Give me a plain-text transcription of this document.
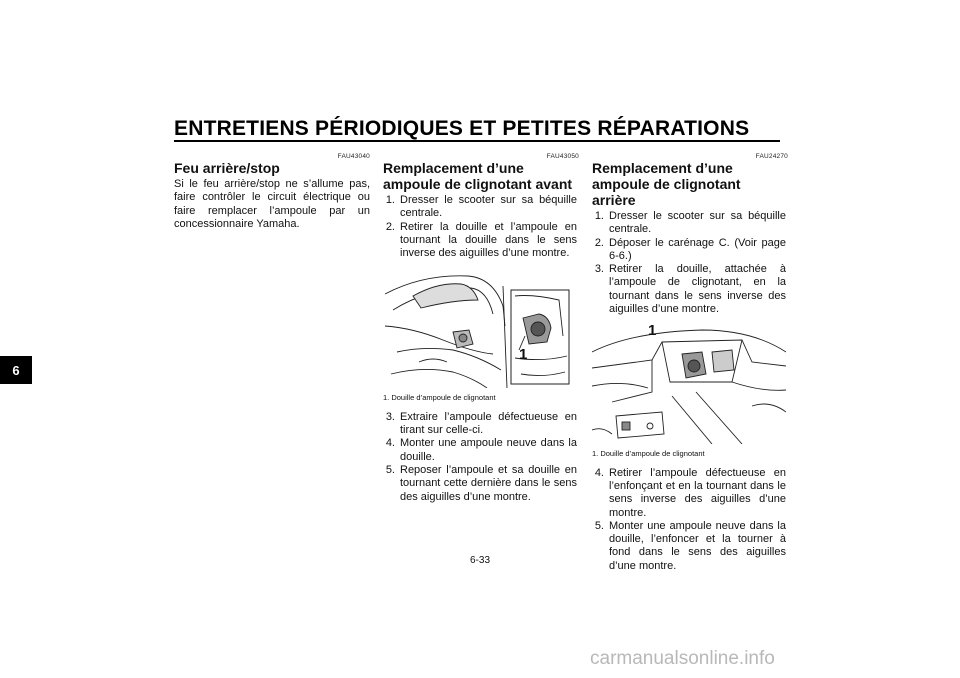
ENTRETIENS PÉRIODIQUES ET PETITES RÉPARATIONS
6
FAU43040
Feu arrière/stop

Si le feu arrière/stop ne s’allume pas, faire contrôler le circuit électrique ou faire remplacer l’ampoule par un concessionnaire Yamaha.

FAU43050
Remplacement d’une ampoule de clignotant avant
1. Dresser le scooter sur sa béquille centrale.
2. Retirer la douille et l’ampoule en tournant la douille dans le sens inverse des aiguilles d’une montre.
1
1. Douille d’ampoule de clignotant
3. Extraire l’ampoule défectueuse en tirant sur celle-ci.
4. Monter une ampoule neuve dans la douille.
5. Reposer l’ampoule et sa douille en tournant cette dernière dans le sens des aiguilles d’une montre.
FAU24270
Remplacement d’une ampoule de clignotant arrière
1. Dresser le scooter sur sa béquille centrale.
2. Déposer le carénage C. (Voir page 6-6.)
3. Retirer la douille, attachée à l’ampoule de clignotant, en la tournant dans le sens inverse des aiguilles d’une montre.
1
1. Douille d’ampoule de clignotant
4. Retirer l’ampoule défectueuse en l’enfonçant et en la tournant dans le sens inverse des aiguilles d’une montre.
5. Monter une ampoule neuve dans la douille, l’enfoncer et la tourner à fond dans le sens des aiguilles d’une montre.
6-33
carmanualsonline.info
